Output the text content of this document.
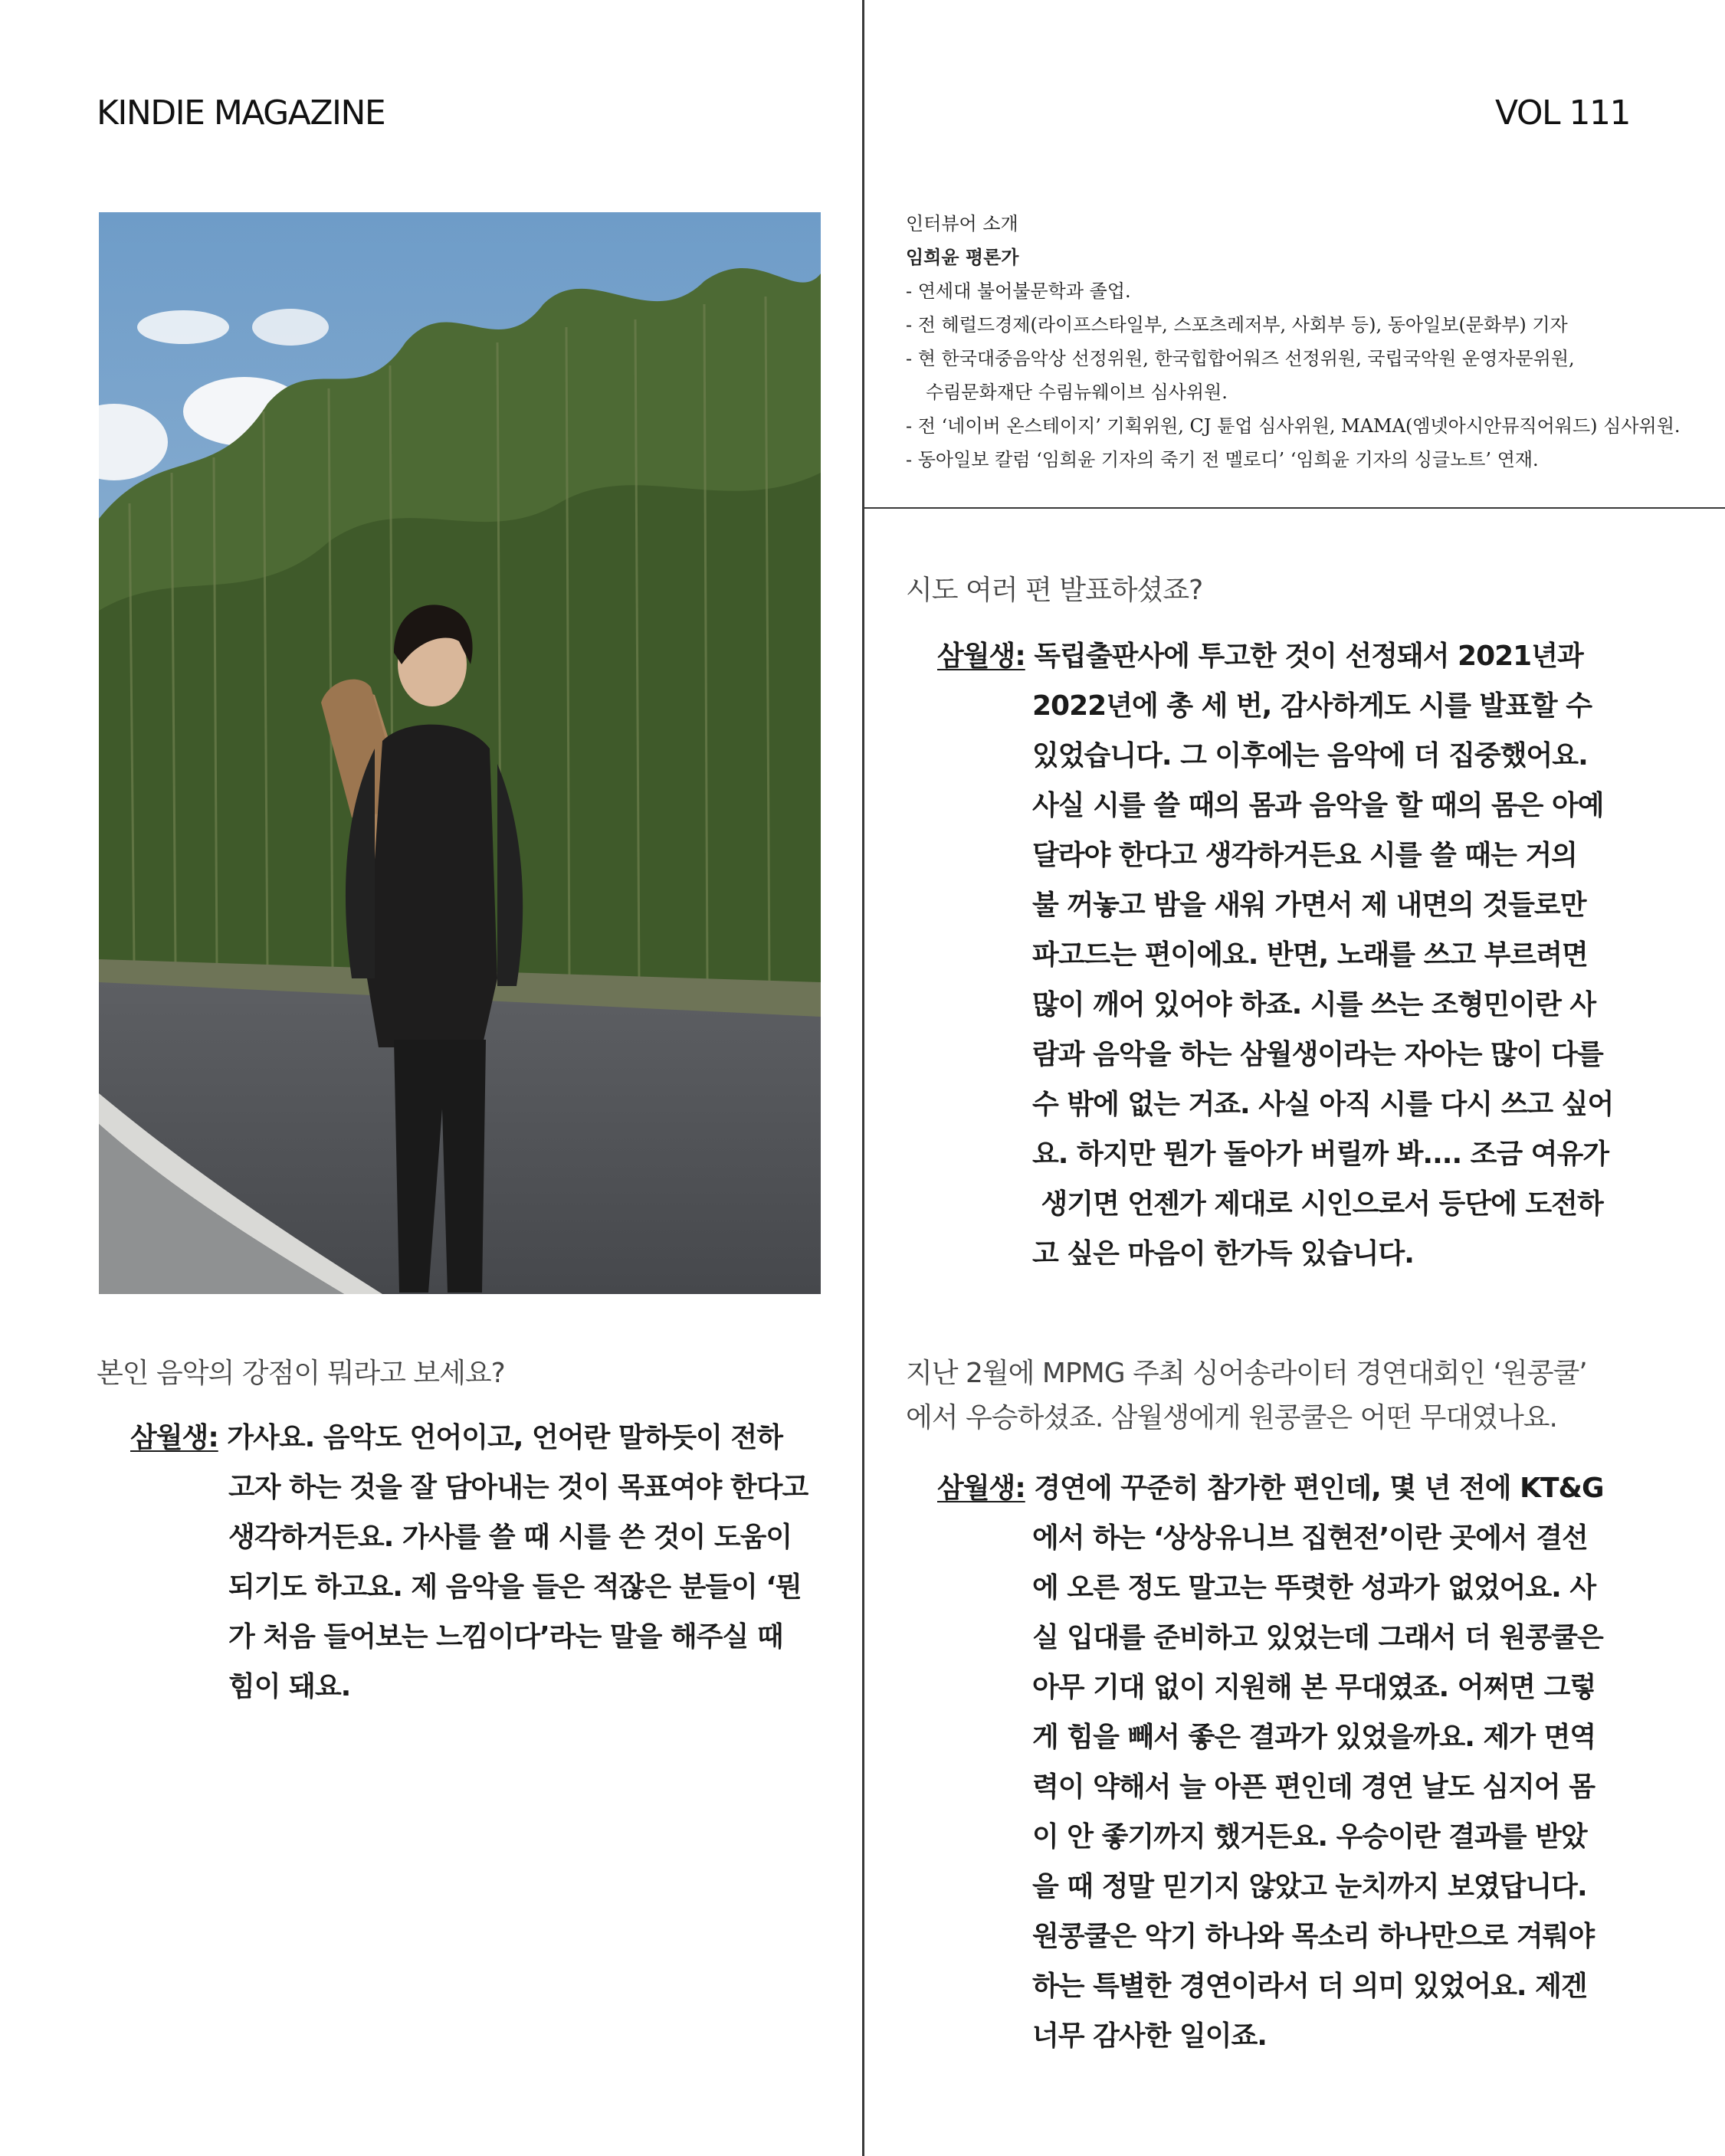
KINDIE MAGAZINE	VOL 111
인터뷰어 소개
임희윤 평론가
- 연세대 불어불문학과 졸업.
- 전 헤럴드경제(라이프스타일부, 스포츠레저부, 사회부 등), 동아일보(문화부) 기자
- 현 한국대중음악상 선정위원, 한국힙합어워즈 선정위원, 국립국악원 운영자문위원,
수림문화재단 수림뉴웨이브 심사위원.
- 전 ‘네이버 온스테이지’ 기획위원, CJ 튠업 심사위원, MAMA(엠넷아시안뮤직어워드) 심사위원.
- 동아일보 칼럼 ‘임희윤 기자의 죽기 전 멜로디’ ‘임희윤 기자의 싱글노트’ 연재.
시도 여러 편 발표하셨죠?
삼월생: 독립출판사에 투고한 것이 선정돼서 2021년과
2022년에 총 세 번, 감사하게도 시를 발표할 수
있었습니다. 그 이후에는 음악에 더 집중했어요.
사실 시를 쓸 때의 몸과 음악을 할 때의 몸은 아예
달라야 한다고 생각하거든요 시를 쓸 때는 거의
불 꺼놓고 밤을 새워 가면서 제 내면의 것들로만
파고드는 편이에요. 반면, 노래를 쓰고 부르려면
많이 깨어 있어야 하죠. 시를 쓰는 조형민이란 사
람과 음악을 하는 삼월생이라는 자아는 많이 다를
수 밖에 없는 거죠. 사실 아직 시를 다시 쓰고 싶어
요. 하지만 뭔가 돌아가 버릴까 봐.... 조금 여유가
생기면 언젠가 제대로 시인으로서 등단에 도전하
고 싶은 마음이 한가득 있습니다.
본인 음악의 강점이 뭐라고 보세요?
삼월생: 가사요. 음악도 언어이고, 언어란 말하듯이 전하
고자 하는 것을 잘 담아내는 것이 목표여야 한다고
생각하거든요. 가사를 쓸 때 시를 쓴 것이 도움이
되기도 하고요. 제 음악을 들은 적잖은 분들이 ‘뭔
가 처음 들어보는 느낌이다’라는 말을 해주실 때
힘이 돼요.
지난 2월에 MPMG 주최 싱어송라이터 경연대회인 ‘원콩쿨’
에서 우승하셨죠. 삼월생에게 원콩쿨은 어떤 무대였나요.
삼월생: 경연에 꾸준히 참가한 편인데, 몇 년 전에 KT&G
에서 하는 ‘상상유니브 집현전’이란 곳에서 결선
에 오른 정도 말고는 뚜렷한 성과가 없었어요. 사
실 입대를 준비하고 있었는데 그래서 더 원콩쿨은
아무 기대 없이 지원해 본 무대였죠. 어쩌면 그렇
게 힘을 빼서 좋은 결과가 있었을까요. 제가 면역
력이 약해서 늘 아픈 편인데 경연 날도 심지어 몸
이 안 좋기까지 했거든요. 우승이란 결과를 받았
을 때 정말 믿기지 않았고 눈치까지 보였답니다.
원콩쿨은 악기 하나와 목소리 하나만으로 겨뤄야
하는 특별한 경연이라서 더 의미 있었어요. 제겐
너무 감사한 일이죠.
